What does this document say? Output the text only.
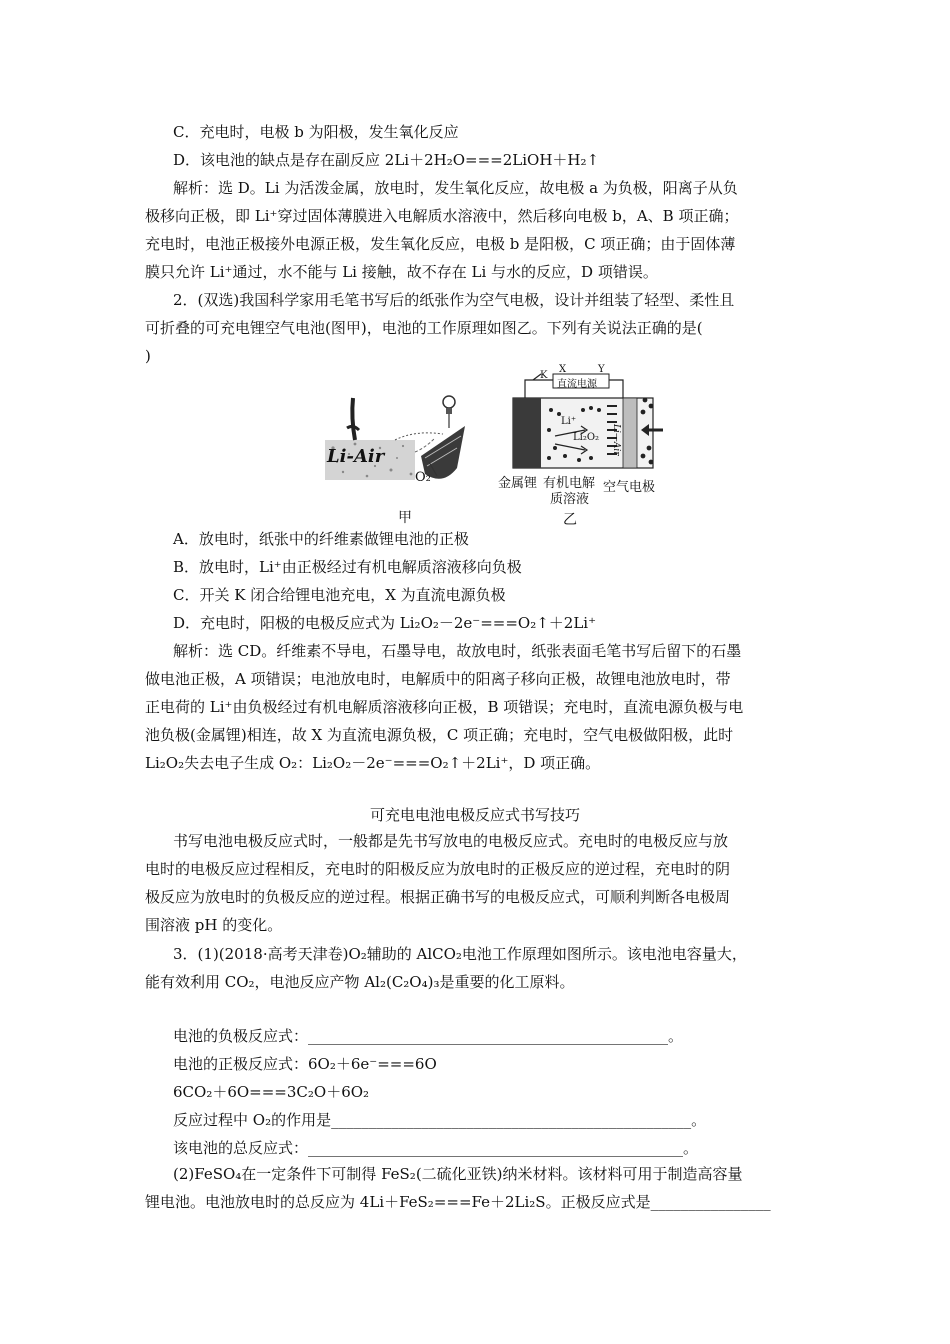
C．充电时，电极 b 为阳极，发生氧化反应
D．该电池的缺点是存在副反应 2Li＋2H₂O===2LiOH＋H₂↑
解析：选 D。Li 为活泼金属，放电时，发生氧化反应，故电极 a 为负极，阳离子从负
极移向正极，即 Li⁺穿过固体薄膜进入电解质水溶液中，然后移向电极 b，A、B 项正确；
充电时，电池正极接外电源正极，发生氧化反应，电极 b 是阳极，C 项正确；由于固体薄
膜只允许 Li⁺通过，水不能与 Li 接触，故不存在 Li 与水的反应，D 项错误。
2．(双选)我国科学家用毛笔书写后的纸张作为空气电极，设计并组装了轻型、柔性且
可折叠的可充电锂空气电池(图甲)，电池的工作原理如图乙。下列有关说法正确的是(
)
Li-Air
O₂
甲
K
X	Y
直流电源
Li⁺
Li₂O₂ Li—Air
金属锂 有机电解
质溶液
空气电极
乙
A．放电时，纸张中的纤维素做锂电池的正极
B．放电时，Li⁺由正极经过有机电解质溶液移向负极
C．开关 K 闭合给锂电池充电，X 为直流电源负极
D．充电时，阳极的电极反应式为 Li₂O₂－2e⁻===O₂↑＋2Li⁺
解析：选 CD。纤维素不导电，石墨导电，故放电时，纸张表面毛笔书写后留下的石墨
做电池正极，A 项错误；电池放电时，电解质中的阳离子移向正极，故锂电池放电时，带
正电荷的 Li⁺由负极经过有机电解质溶液移向正极，B 项错误；充电时，直流电源负极与电
池负极(金属锂)相连，故 X 为直流电源负极，C 项正确；充电时，空气电极做阳极，此时
Li₂O₂失去电子生成 O₂：Li₂O₂－2e⁻===O₂↑＋2Li⁺，D 项正确。
可充电电池电极反应式书写技巧
书写电池电极反应式时，一般都是先书写放电的电极反应式。充电时的电极反应与放
电时的电极反应过程相反，充电时的阳极反应为放电时的正极反应的逆过程，充电时的阴
极反应为放电时的负极反应的逆过程。根据正确书写的电极反应式，可顺利判断各电极周
围溶液 pH 的变化。
3．(1)(2018·高考天津卷)O₂辅助的 AlCO₂电池工作原理如图所示。该电池电容量大，
能有效利用 CO₂，电池反应产物 Al₂(C₂O₄)₃是重要的化工原料。
电池的负极反应式：________________________________________________。
电池的正极反应式：6O₂＋6e⁻===6O
6CO₂＋6O===3C₂O＋6O₂
反应过程中 O₂的作用是________________________________________________。
该电池的总反应式：__________________________________________________。
(2)FeSO₄在一定条件下可制得 FeS₂(二硫化亚铁)纳米材料。该材料可用于制造高容量
锂电池。电池放电时的总反应为 4Li＋FeS₂===Fe＋2Li₂S。正极反应式是________________
